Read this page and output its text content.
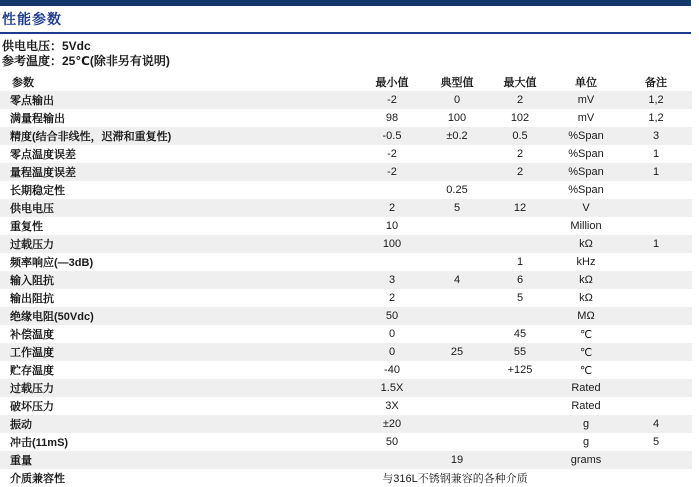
性能参数
供电电压：5Vdc
参考温度：25℃(除非另有说明)
参数	最小值	典型值	最大值	单位	备注
零点输出	-2	0	2	mV	1,2
满量程输出	98	100	102	mV	1,2
精度(结合非线性，迟滞和重复性)	-0.5	±0.2	0.5	%Span	3
零点温度误差	-2		2	%Span	1
量程温度误差	-2		2	%Span	1
长期稳定性		0.25		%Span	
供电电压	2	5	12	V	
重复性	10			Million	
过载压力	100			kΩ	1
频率响应(—3dB)			1	kHz	
输入阻抗	3	4	6	kΩ	
输出阻抗	2		5	kΩ	
绝缘电阻(50Vdc)	50			MΩ	
补偿温度	0		45	℃	
工作温度	0	25	55	℃	
贮存温度	-40		+125	℃	
过载压力	1.5X			Rated	
破坏压力	3X			Rated	
振动	±20			g	4
冲击(11mS)	50			g	5
重量		19		grams	
介质兼容性	与316L不锈钢兼容的各种介质				
